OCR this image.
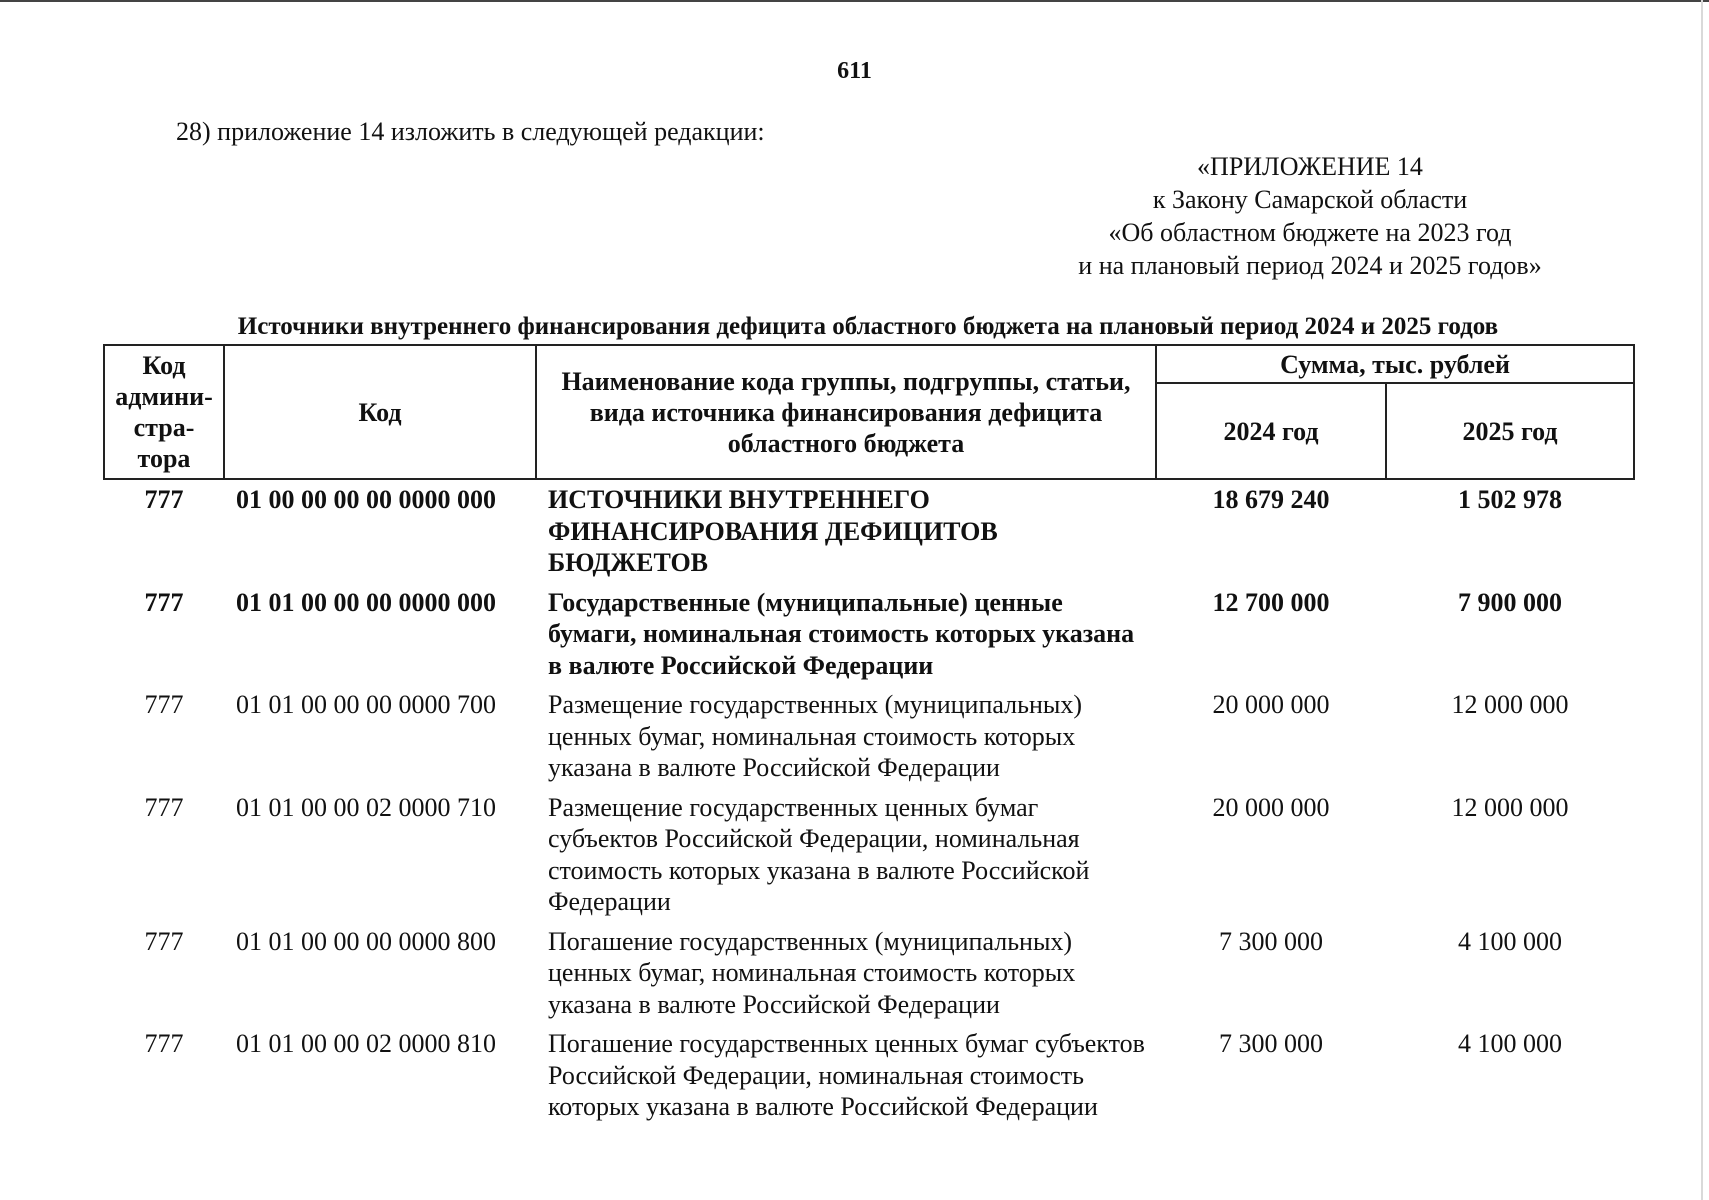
611
28) приложение 14 изложить в следующей редакции:
«ПРИЛОЖЕНИЕ 14
к Закону Самарской области
«Об областном бюджете на 2023 год
и на плановый период 2024 и 2025 годов»
Источники внутреннего финансирования дефицита областного бюджета на плановый период 2024 и 2025 годов
Код админи-стра-тора	Код	Наименование кода группы, подгруппы, статьи, вида источника финансирования дефицита областного бюджета	Сумма, тыс. рублей	
			2024 год	2025 год
777	01 00 00 00 00 0000 000	ИСТОЧНИКИ ВНУТРЕННЕГО ФИНАНСИРОВАНИЯ ДЕФИЦИТОВ БЮДЖЕТОВ	18 679 240	1 502 978
777	01 01 00 00 00 0000 000	Государственные (муниципальные) ценные бумаги, номинальная стоимость которых указана в валюте Российской Федерации	12 700 000	7 900 000
777	01 01 00 00 00 0000 700	Размещение государственных (муниципальных) ценных бумаг, номинальная стоимость которых указана в валюте Российской Федерации	20 000 000	12 000 000
777	01 01 00 00 02 0000 710	Размещение государственных ценных бумаг субъектов Российской Федерации, номинальная стоимость которых указана в валюте Российской Федерации	20 000 000	12 000 000
777	01 01 00 00 00 0000 800	Погашение государственных (муниципальных) ценных бумаг, номинальная стоимость которых указана в валюте Российской Федерации	7 300 000	4 100 000
777	01 01 00 00 02 0000 810	Погашение государственных ценных бумаг субъектов Российской Федерации, номинальная стоимость которых указана в валюте Российской Федерации	7 300 000	4 100 000
